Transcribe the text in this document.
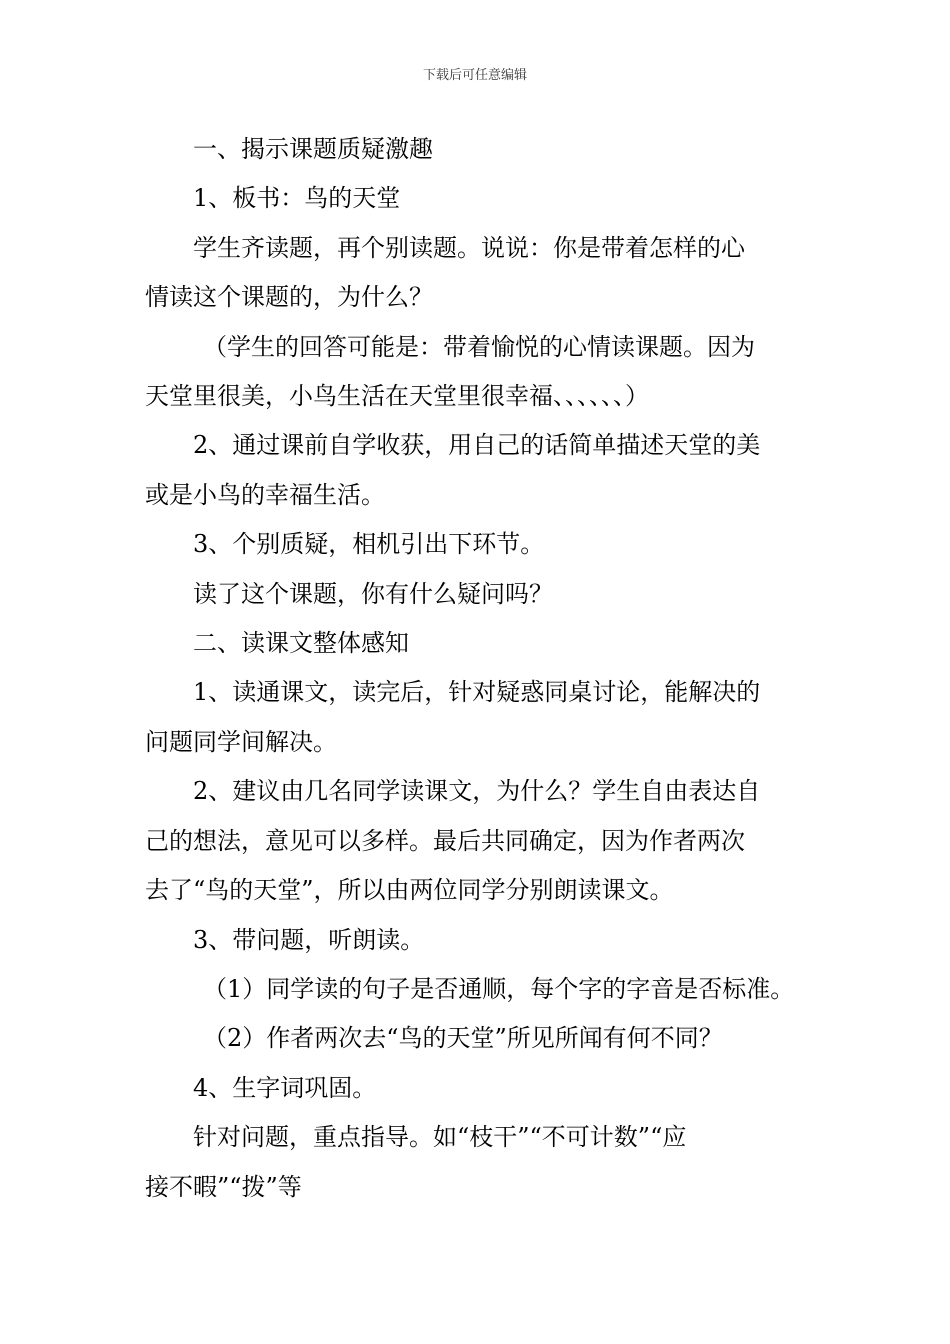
下载后可任意编辑

一、揭示课题质疑激趣

1、板书：鸟的天堂

学生齐读题，再个别读题。说说：你是带着怎样的心
情读这个课题的，为什么？

（学生的回答可能是：带着愉悦的心情读课题。因为
天堂里很美，小鸟生活在天堂里很幸福、、、、、、）

2、通过课前自学收获，用自己的话简单描述天堂的美
或是小鸟的幸福生活。

3、个别质疑，相机引出下环节。

读了这个课题，你有什么疑问吗？

二、读课文整体感知

1、读通课文，读完后，针对疑惑同桌讨论，能解决的
问题同学间解决。

2、建议由几名同学读课文，为什么？学生自由表达自
己的想法，意见可以多样。最后共同确定，因为作者两次
去了“鸟的天堂”，所以由两位同学分别朗读课文。

3、带问题，听朗读。

（1）同学读的句子是否通顺，每个字的字音是否标准。

（2）作者两次去“鸟的天堂”所见所闻有何不同？

4、生字词巩固。

针对问题，重点指导。如“枝干”“不可计数”“应
接不暇”“拨”等
